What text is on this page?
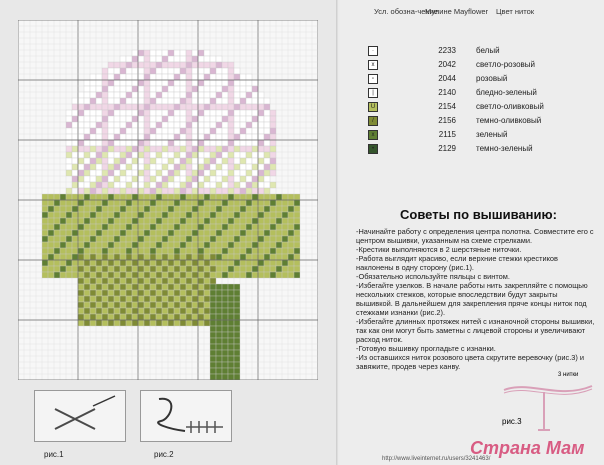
рис.1	рис.2
Усл. обозна-чение
Мулине Mayflower Цвет ниток
·	2233	белый
x	2042	светло-розовый
▫	2044	розовый
|	2140	бледно-зеленый
U	2154	светло-оливковый
/	2156	темно-оливковый
x	2115	зеленый
•	2129	темно-зеленый
Советы по вышиванию:

-Начинайте работу с определения центра полотна. Совместите его с центром вышивки, указанным на схеме стрелками.

-Крестики выполняются в 2 шерстяные ниточки.

-Работа выглядит красиво, если верхние стежки крестиков наклонены в одну сторону (рис.1).

-Обязательно используйте пяльцы с винтом.

-Избегайте узелков. В начале работы нить закрепляйте с помощью нескольких стежков, которые впоследствии будут закрыты вышивкой. В дальнейшем для закрепления пряче концы ниток под стежками изнанки (рис.2).

-Избегайте длинных протяжек нитей с изнаночной стороны вышивки, так как они могут быть заметны с лицевой стороны и увеличивают расход ниток.

-Готовую вышивку прогладьте с изнанки.

-Из оставшихся ниток розового цвета скрутите веревочку (рис.3) и завяжите, продев через канву.

3 нитки
рис.3
Страна Мам
http://www.liveinternet.ru/users/3241463/
